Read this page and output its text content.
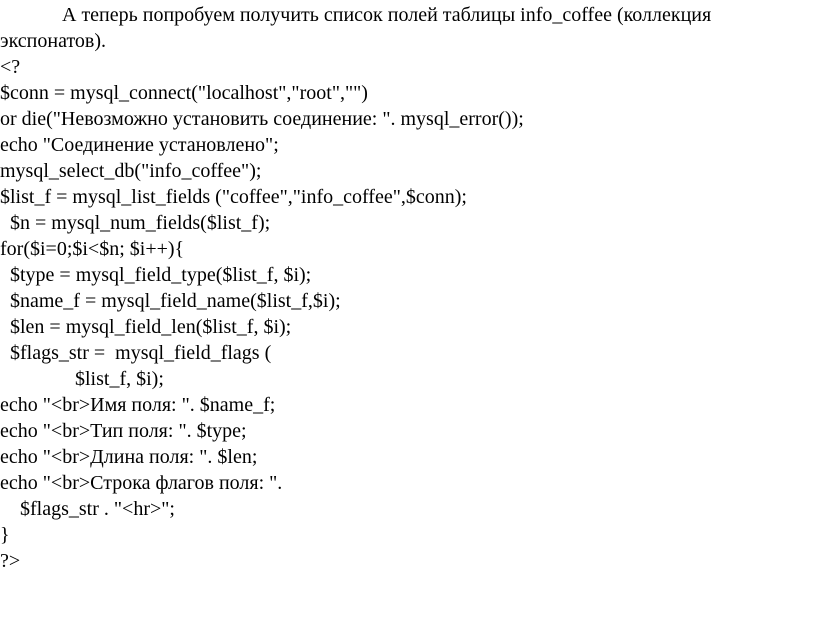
А теперь попробуем получить список полей таблицы info_coffee (коллекция
экспонатов).
<?
$conn = mysql_connect("localhost","root","")
or die("Невозможно установить соединение: ". mysql_error());
echo "Соединение установлено";
mysql_select_db("info_coffee");
$list_f = mysql_list_fields ("coffee","info_coffee",$conn);
$n = mysql_num_fields($list_f);
for($i=0;$i<$n; $i++){
$type = mysql_field_type($list_f, $i);
$name_f = mysql_field_name($list_f,$i);
$len = mysql_field_len($list_f, $i);
$flags_str =  mysql_field_flags (
$list_f, $i);
echo "<br>Имя поля: ". $name_f;
echo "<br>Тип поля: ". $type;
echo "<br>Длина поля: ". $len;
echo "<br>Строка флагов поля: ".
$flags_str . "<hr>";
}
?>
